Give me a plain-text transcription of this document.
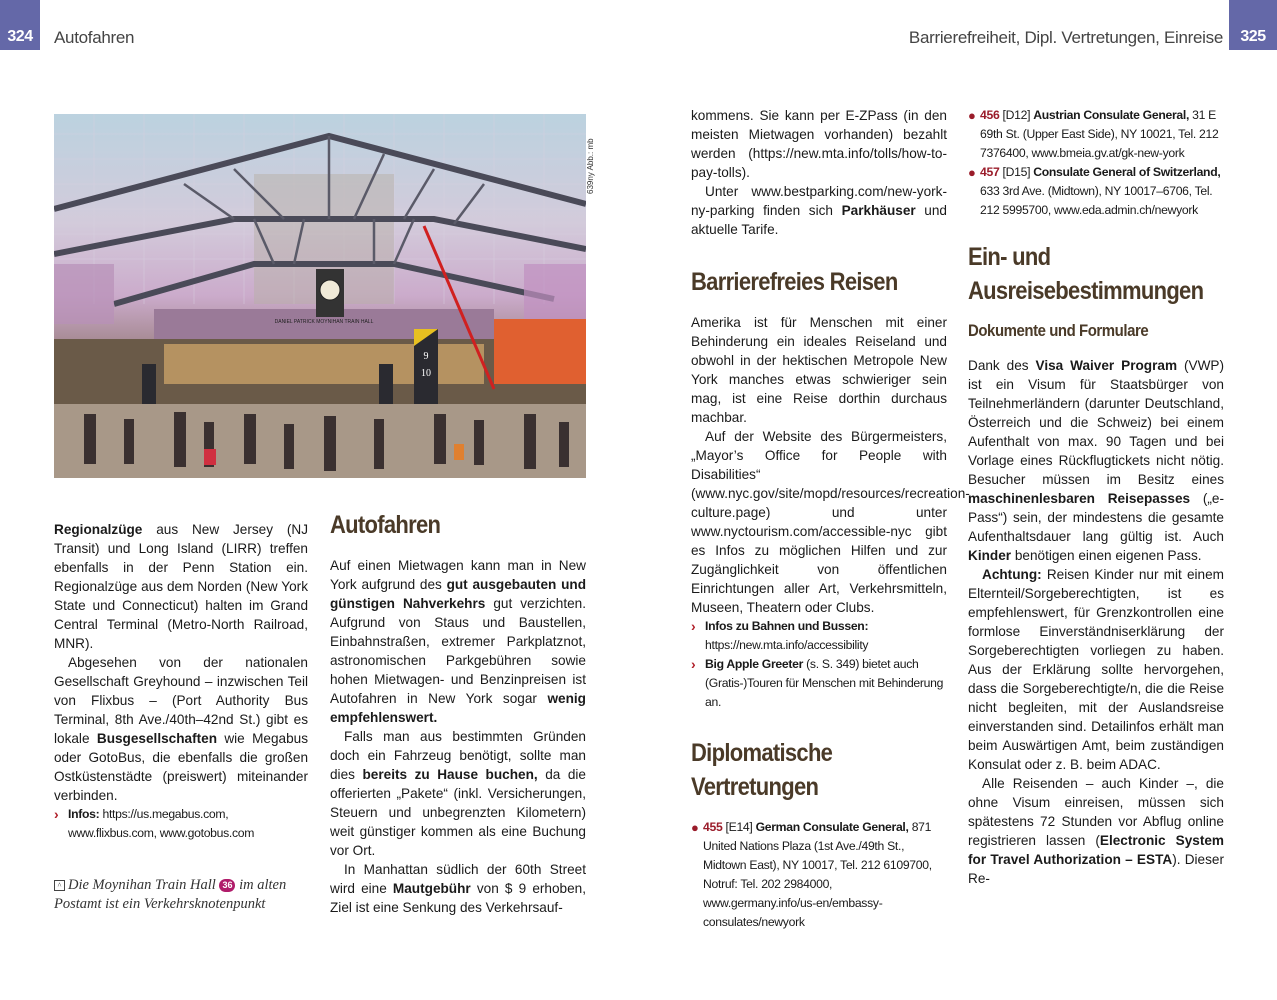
324	Autofahren	Barrierefreiheit, Dipl. Vertretungen, Einreise	325
DANIEL PATRICK MOYNIHAN TRAIN HALL
9
10
639ny Abb.: mb

Regionalzüge aus New Jersey (NJ Transit) und Long Island (LIRR) treffen ebenfalls in der Penn Station ein. Regionalzüge aus dem Norden (New York State und Connecticut) halten im Grand Central Terminal (Metro-North Railroad, MNR).

Abgesehen von der nationalen Gesellschaft Greyhound – inzwischen Teil von Flixbus – (Port Authority Bus Terminal, 8th Ave./40th–42nd St.) gibt es lokale Busgesellschaften wie Megabus oder GotoBus, die ebenfalls die großen Ostküstenstädte (preiswert) miteinander verbinden.

› Infos: https://us.megabus.com, www.flixbus.com, www.gotobus.com
^ Die Moynihan Train Hall 36 im alten Postamt ist ein Verkehrsknotenpunkt
Autofahren

Auf einen Mietwagen kann man in New York aufgrund des gut ausgebauten und günstigen Nahverkehrs gut verzichten. Aufgrund von Staus und Baustellen, Einbahnstraßen, extremer Parkplatznot, astronomischen Parkgebühren sowie hohen Mietwagen- und Benzinpreisen ist Autofahren in New York sogar wenig empfehlenswert.

Falls man aus bestimmten Gründen doch ein Fahrzeug benötigt, sollte man dies bereits zu Hause buchen, da die offerierten „Pakete“ (inkl. Versicherungen, Steuern und unbegrenzten Kilometern) weit günstiger kommen als eine Buchung vor Ort.

In Manhattan südlich der 60th Street wird eine Mautgebühr von $ 9 erhoben, Ziel ist eine Senkung des Verkehrsauf-

kommens. Sie kann per E-ZPass (in den meisten Mietwagen vorhanden) bezahlt werden (https://new.mta.info/tolls/how-to-pay-tolls).

Unter www.bestparking.com/new-york-ny-parking finden sich Parkhäuser und aktuelle Tarife.

Barrierefreies Reisen

Amerika ist für Menschen mit einer Behinderung ein ideales Reiseland und obwohl in der hektischen Metropole New York manches etwas schwieriger sein mag, ist eine Reise dorthin durchaus machbar.

Auf der Website des Bürgermeisters, „Mayor’s Office for People with Disabilities“ (www.nyc.gov/site/mopd/resources/recreation-culture.page) und unter www.nyctourism.com/accessible-nyc gibt es Infos zu möglichen Hilfen und zur Zugänglichkeit von öffentlichen Einrichtungen aller Art, Verkehrsmitteln, Museen, Theatern oder Clubs.

› Infos zu Bahnen und Bussen: https://new.mta.info/accessibility
› Big Apple Greeter (s. S. 349) bietet auch (Gratis-)Touren für Menschen mit Behinderung an.
Diplomatische Vertretungen
● 455 [E14] German Consulate General, 871 United Nations Plaza (1st Ave./49th St., Midtown East), NY 10017, Tel. 212 6109700, Notruf: Tel. 202 2984000, www.germany.info/us-en/embassy-consulates/newyork
● 456 [D12] Austrian Consulate General, 31 E 69th St. (Upper East Side), NY 10021, Tel. 212 7376400, www.bmeia.gv.at/gk-new-york
● 457 [D15] Consulate General of Switzerland, 633 3rd Ave. (Midtown), NY 10017–6706, Tel. 212 5995700, www.eda.admin.ch/newyork
Ein- und Ausreisebestimmungen
Dokumente und Formulare

Dank des Visa Waiver Program (VWP) ist ein Visum für Staatsbürger von Teilnehmerländern (darunter Deutschland, Österreich und die Schweiz) bei einem Aufenthalt von max. 90 Tagen und bei Vorlage eines Rückflugtickets nicht nötig. Besucher müssen im Besitz eines maschinenlesbaren Reisepasses („e-Pass“) sein, der mindestens die gesamte Aufenthaltsdauer lang gültig ist. Auch Kinder benötigen einen eigenen Pass.

Achtung: Reisen Kinder nur mit einem Elternteil/Sorgeberechtigten, ist es empfehlenswert, für Grenzkontrollen eine formlose Einverständniserklärung der Sorgeberechtigten vorliegen zu haben. Aus der Erklärung sollte hervorgehen, dass die Sorgeberechtigte/n, die die Reise nicht begleiten, mit der Auslandsreise einverstanden sind. Detailinfos erhält man beim Auswärtigen Amt, beim zuständigen Konsulat oder z. B. beim ADAC.

Alle Reisenden – auch Kinder –, die ohne Visum einreisen, müssen sich spätestens 72 Stunden vor Abflug online registrieren lassen (Electronic System for Travel Authorization – ESTA). Dieser Re-
